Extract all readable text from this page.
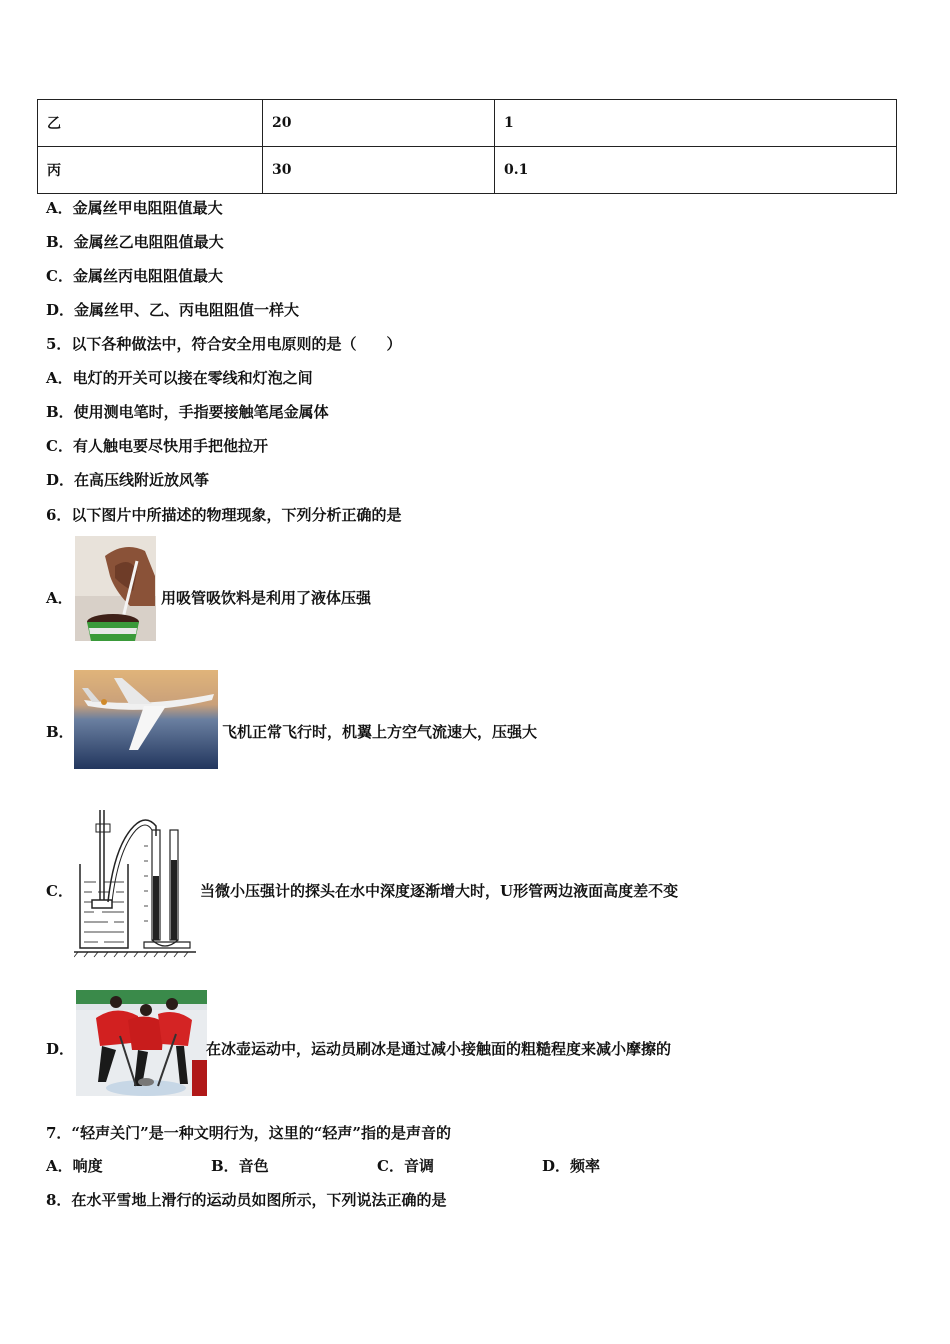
乙	20	1
丙	30	0.1
A．金属丝甲电阻阻值最大
B．金属丝乙电阻阻值最大
C．金属丝丙电阻阻值最大
D．金属丝甲、乙、丙电阻阻值一样大
5．以下各种做法中，符合安全用电原则的是（　　）
A．电灯的开关可以接在零线和灯泡之间
B．使用测电笔时，手指要接触笔尾金属体
C．有人触电要尽快用手把他拉开
D．在高压线附近放风筝
6．以下图片中所描述的物理现象，下列分析正确的是
A．	用吸管吸饮料是利用了液体压强
B．	飞机正常飞行时，机翼上方空气流速大，压强大
C．	当微小压强计的探头在水中深度逐渐增大时，U形管两边液面高度差不变
D．	在冰壶运动中，运动员刷冰是通过减小接触面的粗糙程度来减小摩擦的
7．“轻声关门”是一种文明行为，这里的“轻声”指的是声音的
A．响度	B．音色	C．音调	D．频率
8．在水平雪地上滑行的运动员如图所示，下列说法正确的是
